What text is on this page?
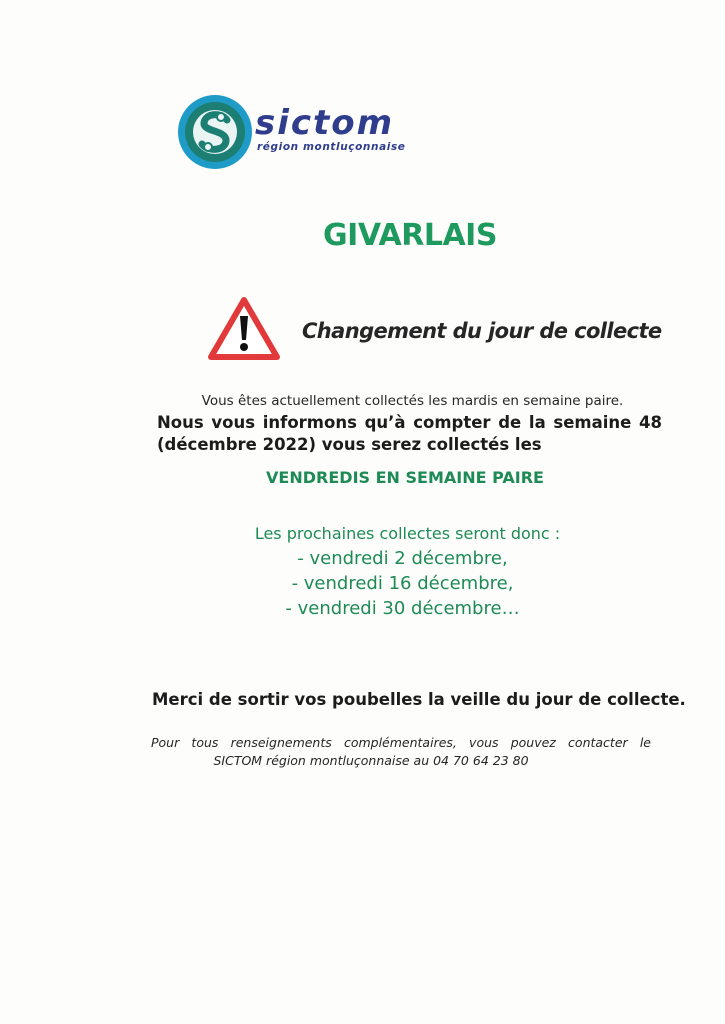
sictom
région montluçonnaise
GIVARLAIS
Changement du jour de collecte
Vous êtes actuellement collectés les mardis en semaine paire.
Nous vous informons qu’à compter de la semaine 48 (décembre 2022) vous serez collectés les
VENDREDIS EN SEMAINE PAIRE
Les prochaines collectes seront donc :
- vendredi 2 décembre,
- vendredi 16 décembre,
- vendredi 30 décembre…
Merci de sortir vos poubelles la veille du jour de collecte.
Pour tous renseignements complémentaires, vous pouvez contacter le
SICTOM région montluçonnaise au 04 70 64 23 80
